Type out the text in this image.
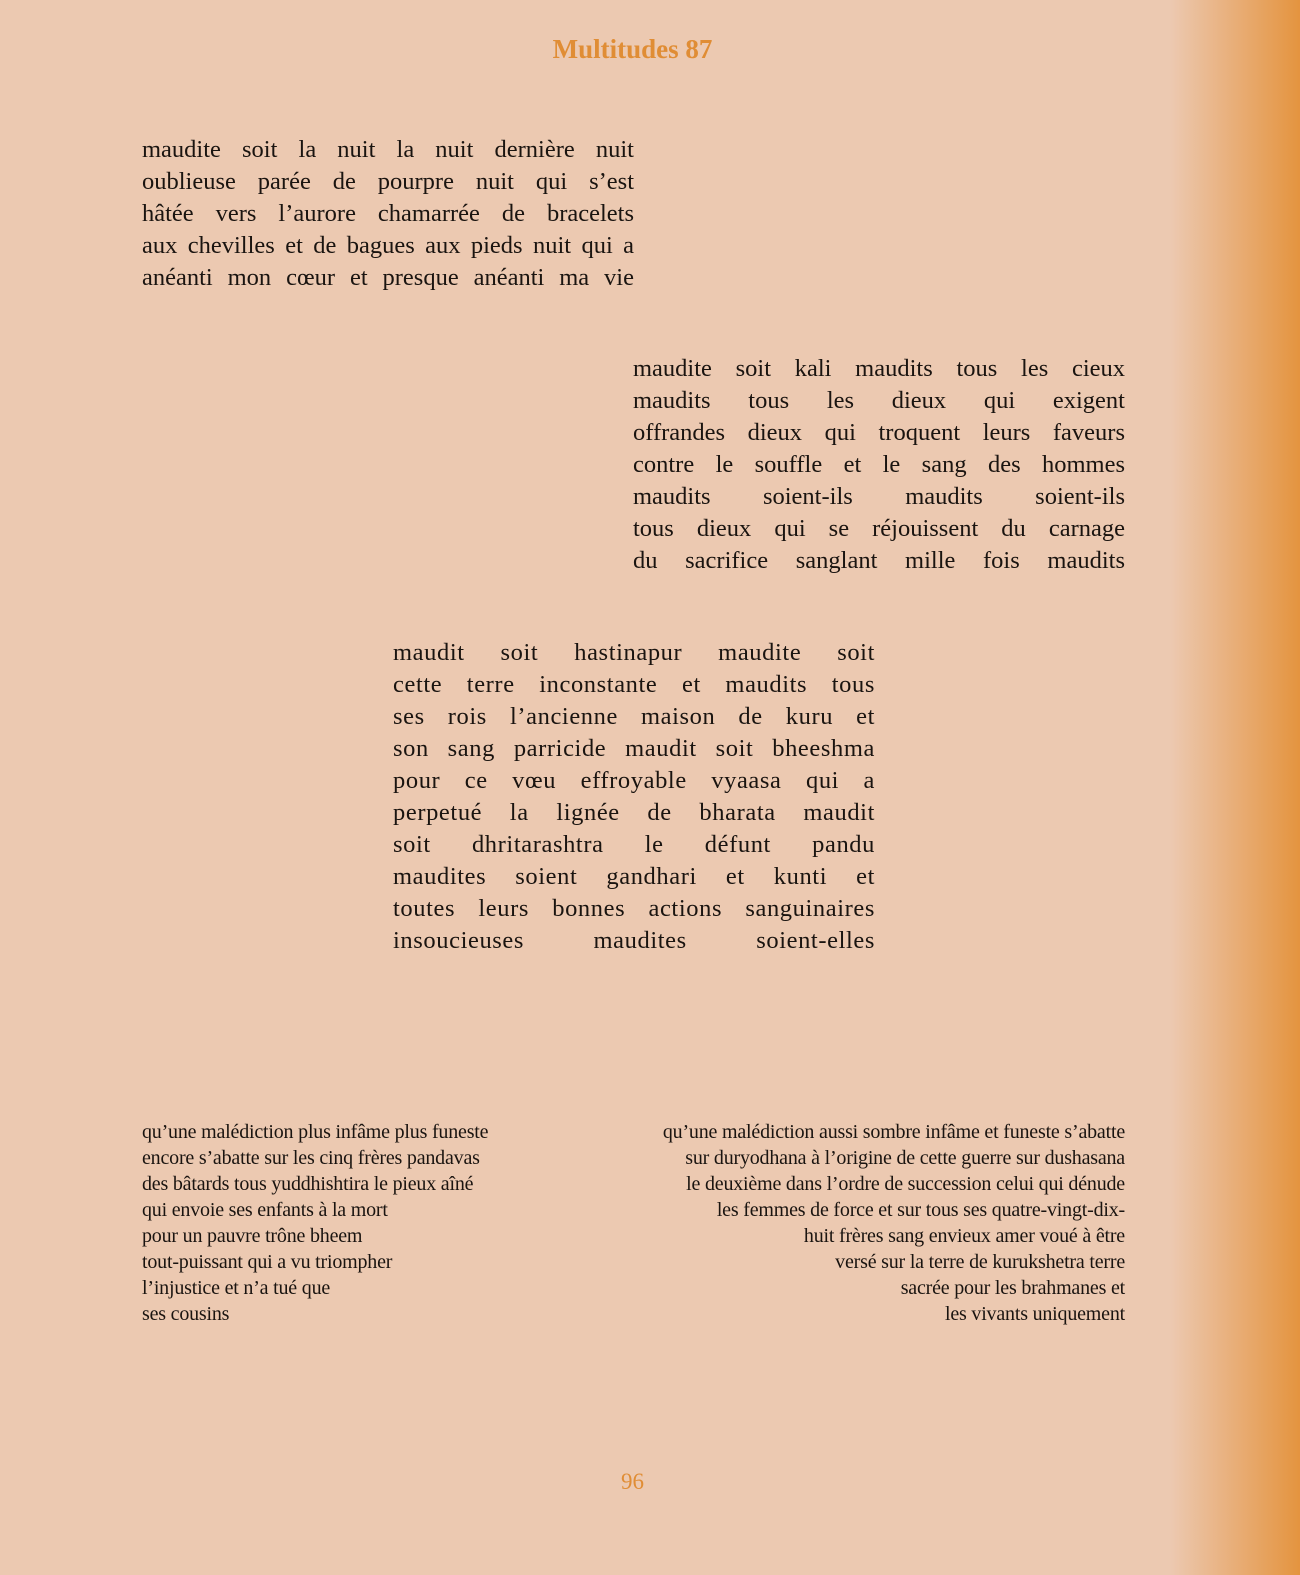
Multitudes 87
maudite soit la nuit la nuit dernière nuit
oublieuse parée de pourpre nuit qui s’est
hâtée vers l’aurore chamarrée de bracelets
aux chevilles et de bagues aux pieds nuit qui a
anéanti mon cœur et presque anéanti ma vie
maudite soit kali maudits tous les cieux
maudits tous les dieux qui exigent
offrandes dieux qui troquent leurs faveurs
contre le souffle et le sang des hommes
maudits soient-ils maudits soient-ils
tous dieux qui se réjouissent du carnage
du sacrifice sanglant mille fois maudits
maudit soit hastinapur maudite soit
cette terre inconstante et maudits tous
ses rois l’ancienne maison de kuru et
son sang parricide maudit soit bheeshma
pour ce vœu effroyable vyaasa qui a
perpetué la lignée de bharata maudit
soit dhritarashtra le défunt pandu
maudites soient gandhari et kunti et
toutes leurs bonnes actions sanguinaires
insoucieuses maudites soient-elles
qu’une malédiction plus infâme plus funeste
encore s’abatte sur les cinq frères pandavas
des bâtards tous yuddhishtira le pieux aîné
qui envoie ses enfants à la mort
pour un pauvre trône bheem
tout-puissant qui a vu triompher
l’injustice et n’a tué que
ses cousins
qu’une malédiction aussi sombre infâme et funeste s’abatte
sur duryodhana à l’origine de cette guerre sur dushasana
le deuxième dans l’ordre de succession celui qui dénude
les femmes de force et sur tous ses quatre-vingt-dix-
huit frères sang envieux amer voué à être
versé sur la terre de kurukshetra terre
sacrée pour les brahmanes et
les vivants uniquement
96
